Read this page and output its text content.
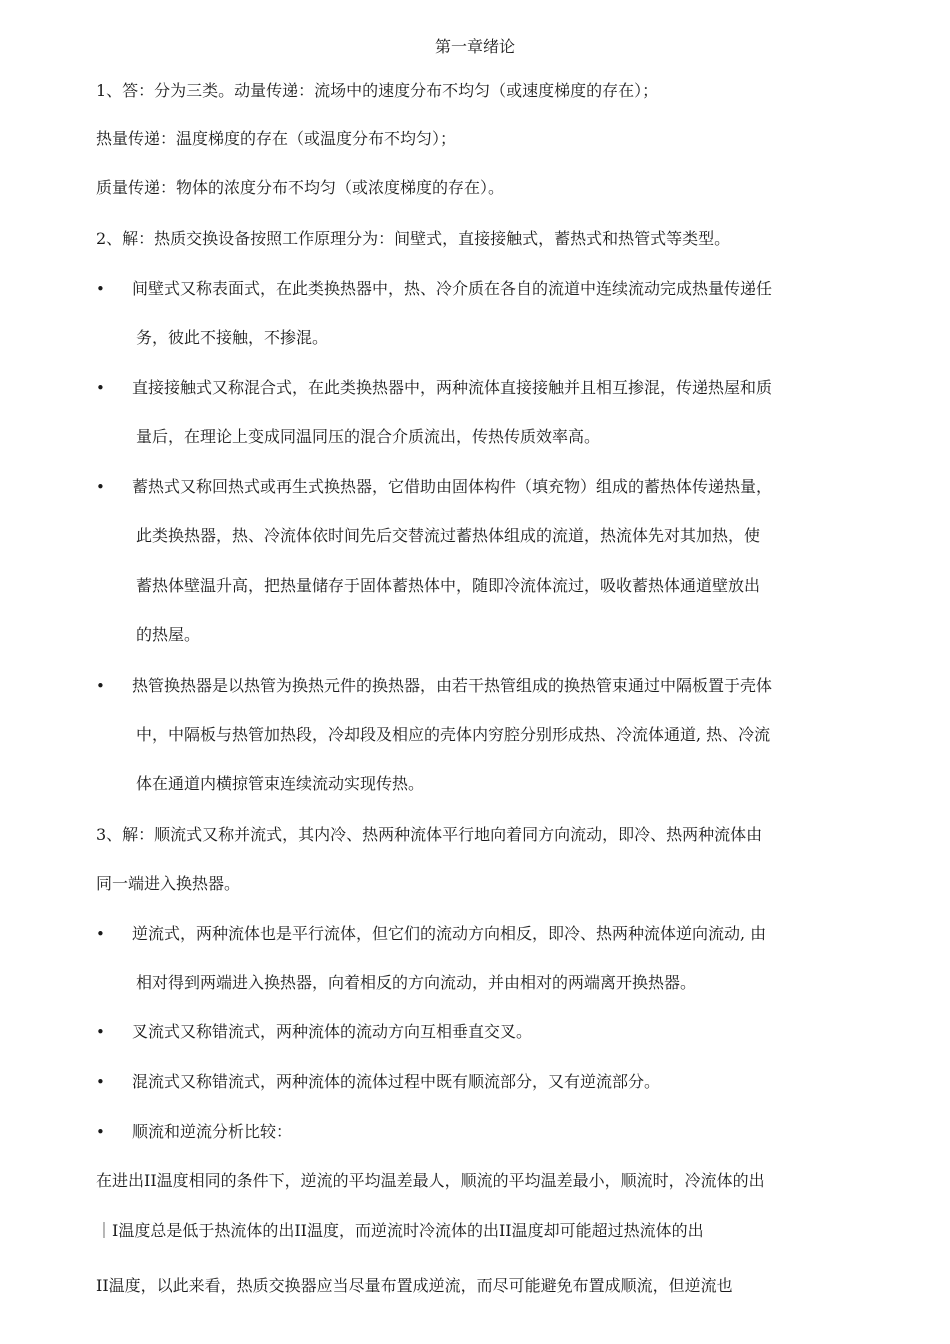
第一章绪论
1、答：分为三类。动量传递：流场中的速度分布不均匀（或速度梯度的存在）；
热量传递：温度梯度的存在（或温度分布不均匀）；
质量传递：物体的浓度分布不均匀（或浓度梯度的存在）。
2、解：热质交换设备按照工作原理分为：间壁式，直接接触式，蓄热式和热管式等类型。
• 间壁式又称表面式，在此类换热器中，热、冷介质在各自的流道中连续流动完成热量传递任
务，彼此不接触，不掺混。
• 直接接触式又称混合式，在此类换热器中，两种流体直接接触并且相互掺混，传递热屋和质
量后，在理论上变成同温同压的混合介质流出，传热传质效率高。
• 蓄热式又称回热式或再生式换热器，它借助由固体构件（填充物）组成的蓄热体传递热量，
此类换热器，热、冷流体依时间先后交替流过蓄热体组成的流道，热流体先对其加热，使
蓄热体壁温升高，把热量储存于固体蓄热体中，随即冷流体流过，吸收蓄热体通道壁放出
的热屋。
• 热管换热器是以热管为换热元件的换热器，由若干热管组成的换热管束通过中隔板置于壳体
中，中隔板与热管加热段，冷却段及相应的壳体内穷腔分别形成热、冷流体通道, 热、冷流
体在通道内横掠管束连续流动实现传热。
3、解：顺流式又称并流式，其内冷、热两种流体平行地向着同方向流动，即冷、热两种流体由
同一端进入换热器。
• 逆流式，两种流体也是平行流体，但它们的流动方向相反，即冷、热两种流体逆向流动, 由
相对得到两端进入换热器，向着相反的方向流动，并由相对的两端离开换热器。
• 叉流式又称错流式，两种流体的流动方向互相垂直交叉。
• 混流式又称错流式，两种流体的流体过程中既有顺流部分，又有逆流部分。
• 顺流和逆流分析比较：
在进出II温度相同的条件下，逆流的平均温差最人，顺流的平均温差最小，顺流时，冷流体的出
｜I温度总是低于热流体的出II温度，而逆流时冷流体的出II温度却可能超过热流体的出
II温度，以此来看，热质交换器应当尽量布置成逆流，而尽可能避免布置成顺流，但逆流也
